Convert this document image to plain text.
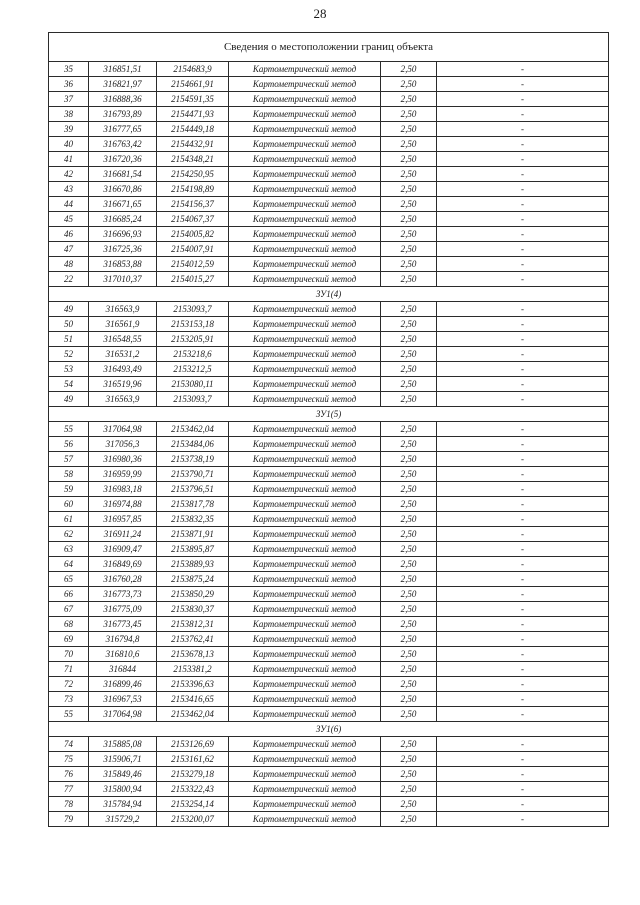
28
Сведения о местоположении границ объекта					
35	316851,51	2154683,9	Картометрический метод	2,50	-
36	316821,97	2154661,91	Картометрический метод	2,50	-
37	316888,36	2154591,35	Картометрический метод	2,50	-
38	316793,89	2154471,93	Картометрический метод	2,50	-
39	316777,65	2154449,18	Картометрический метод	2,50	-
40	316763,42	2154432,91	Картометрический метод	2,50	-
41	316720,36	2154348,21	Картометрический метод	2,50	-
42	316681,54	2154250,95	Картометрический метод	2,50	-
43	316670,86	2154198,89	Картометрический метод	2,50	-
44	316671,65	2154156,37	Картометрический метод	2,50	-
45	316685,24	2154067,37	Картометрический метод	2,50	-
46	316696,93	2154005,82	Картометрический метод	2,50	-
47	316725,36	2154007,91	Картометрический метод	2,50	-
48	316853,88	2154012,59	Картометрический метод	2,50	-
22	317010,37	2154015,27	Картометрический метод	2,50	-
ЗУ1(4)					
49	316563,9	2153093,7	Картометрический метод	2,50	-
50	316561,9	2153153,18	Картометрический метод	2,50	-
51	316548,55	2153205,91	Картометрический метод	2,50	-
52	316531,2	2153218,6	Картометрический метод	2,50	-
53	316493,49	2153212,5	Картометрический метод	2,50	-
54	316519,96	2153080,11	Картометрический метод	2,50	-
49	316563,9	2153093,7	Картометрический метод	2,50	-
ЗУ1(5)					
55	317064,98	2153462,04	Картометрический метод	2,50	-
56	317056,3	2153484,06	Картометрический метод	2,50	-
57	316980,36	2153738,19	Картометрический метод	2,50	-
58	316959,99	2153790,71	Картометрический метод	2,50	-
59	316983,18	2153796,51	Картометрический метод	2,50	-
60	316974,88	2153817,78	Картометрический метод	2,50	-
61	316957,85	2153832,35	Картометрический метод	2,50	-
62	316911,24	2153871,91	Картометрический метод	2,50	-
63	316909,47	2153895,87	Картометрический метод	2,50	-
64	316849,69	2153889,93	Картометрический метод	2,50	-
65	316760,28	2153875,24	Картометрический метод	2,50	-
66	316773,73	2153850,29	Картометрический метод	2,50	-
67	316775,09	2153830,37	Картометрический метод	2,50	-
68	316773,45	2153812,31	Картометрический метод	2,50	-
69	316794,8	2153762,41	Картометрический метод	2,50	-
70	316810,6	2153678,13	Картометрический метод	2,50	-
71	316844	2153381,2	Картометрический метод	2,50	-
72	316899,46	2153396,63	Картометрический метод	2,50	-
73	316967,53	2153416,65	Картометрический метод	2,50	-
55	317064,98	2153462,04	Картометрический метод	2,50	-
ЗУ1(6)					
74	315885,08	2153126,69	Картометрический метод	2,50	-
75	315906,71	2153161,62	Картометрический метод	2,50	-
76	315849,46	2153279,18	Картометрический метод	2,50	-
77	315800,94	2153322,43	Картометрический метод	2,50	-
78	315784,94	2153254,14	Картометрический метод	2,50	-
79	315729,2	2153200,07	Картометрический метод	2,50	-
